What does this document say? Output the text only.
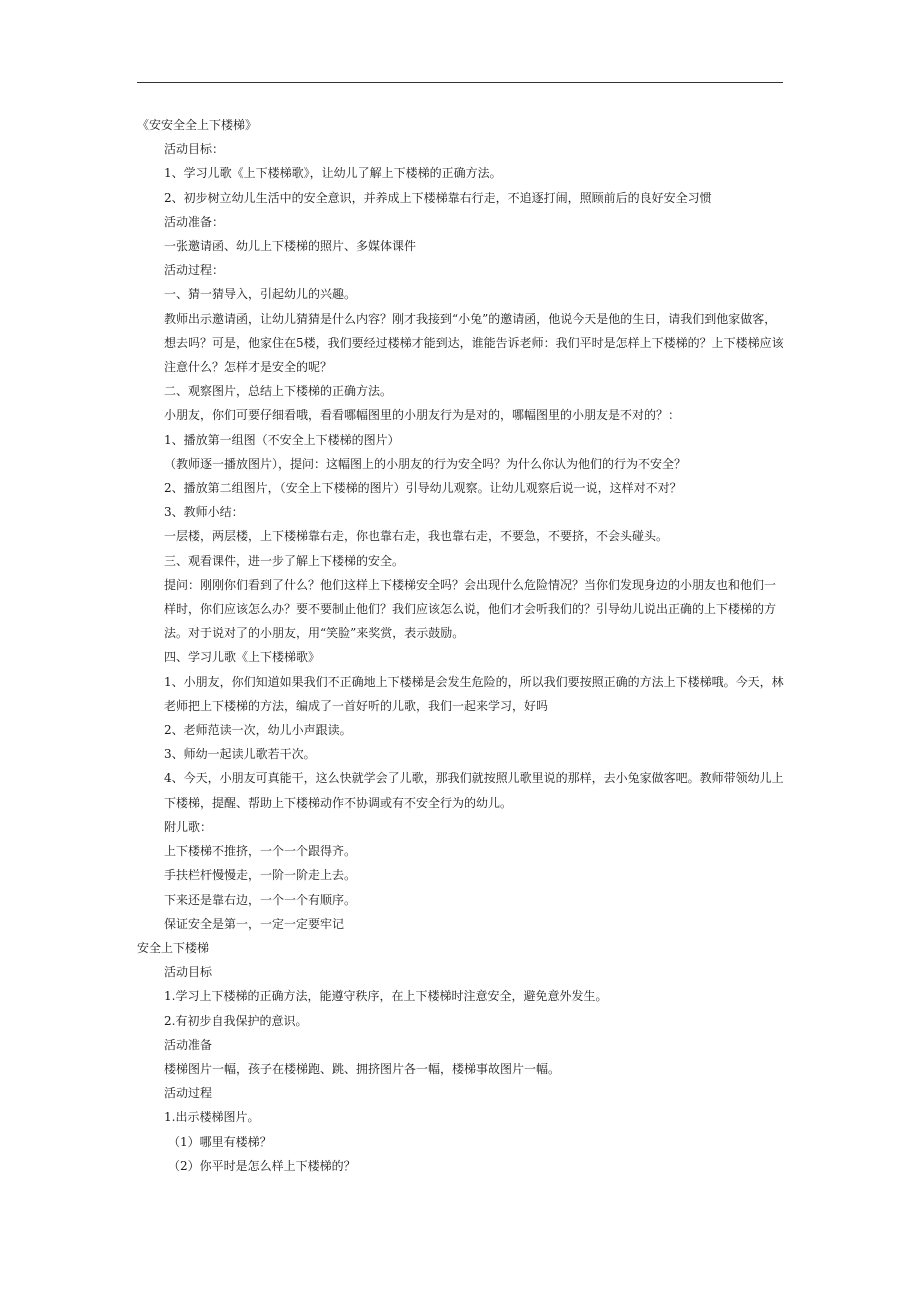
《安安全全上下楼梯》
活动目标：
1、学习儿歌《上下楼梯歌》，让幼儿了解上下楼梯的正确方法。
2、初步树立幼儿生活中的安全意识，并养成上下楼梯靠右行走，不追逐打闹，照顾前后的良好安全习惯
活动准备：
一张邀请函、幼儿上下楼梯的照片、多媒体课件
活动过程：
一、猜一猜导入，引起幼儿的兴趣。
教师出示邀请函，让幼儿猜猜是什么内容？刚才我接到“小兔”的邀请函，他说今天是他的生日，请我们到他家做客，想去吗？可是，他家住在5楼，我们要经过楼梯才能到达，谁能告诉老师：我们平时是怎样上下楼梯的？上下楼梯应该注意什么？怎样才是安全的呢？
二、观察图片，总结上下楼梯的正确方法。
小朋友，你们可要仔细看哦，看看哪幅图里的小朋友行为是对的，哪幅图里的小朋友是不对的？：
1、播放第一组图（不安全上下楼梯的图片）
（教师逐一播放图片），提问：这幅图上的小朋友的行为安全吗？为什么你认为他们的行为不安全？
2、播放第二组图片，（安全上下楼梯的图片）引导幼儿观察。让幼儿观察后说一说，这样对不对？
3、教师小结：
一层楼，两层楼，上下楼梯靠右走，你也靠右走，我也靠右走，不要急，不要挤，不会头碰头。
三、观看课件，进一步了解上下楼梯的安全。
提问：刚刚你们看到了什么？他们这样上下楼梯安全吗？会出现什么危险情况？当你们发现身边的小朋友也和他们一样时，你们应该怎么办？要不要制止他们？我们应该怎么说，他们才会听我们的？引导幼儿说出正确的上下楼梯的方法。对于说对了的小朋友，用“笑脸”来奖赏，表示鼓励。
四、学习儿歌《上下楼梯歌》
1、小朋友，你们知道如果我们不正确地上下楼梯是会发生危险的，所以我们要按照正确的方法上下楼梯哦。今天，林老师把上下楼梯的方法，编成了一首好听的儿歌，我们一起来学习，好吗
2、老师范读一次，幼儿小声跟读。
3、师幼一起读儿歌若干次。
4、今天，小朋友可真能干，这么快就学会了儿歌，那我们就按照儿歌里说的那样，去小兔家做客吧。教师带领幼儿上下楼梯，提醒、帮助上下楼梯动作不协调或有不安全行为的幼儿。
附儿歌：
上下楼梯不推挤，一个一个跟得齐。
手扶栏杆慢慢走，一阶一阶走上去。
下来还是靠右边，一个一个有顺序。
保证安全是第一，一定一定要牢记
安全上下楼梯
活动目标
1.学习上下楼梯的正确方法，能遵守秩序，在上下楼梯时注意安全，避免意外发生。
2.有初步自我保护的意识。
活动准备
楼梯图片一幅，孩子在楼梯跑、跳、拥挤图片各一幅，楼梯事故图片一幅。
活动过程
1.出示楼梯图片。
（1）哪里有楼梯？
（2）你平时是怎么样上下楼梯的？
